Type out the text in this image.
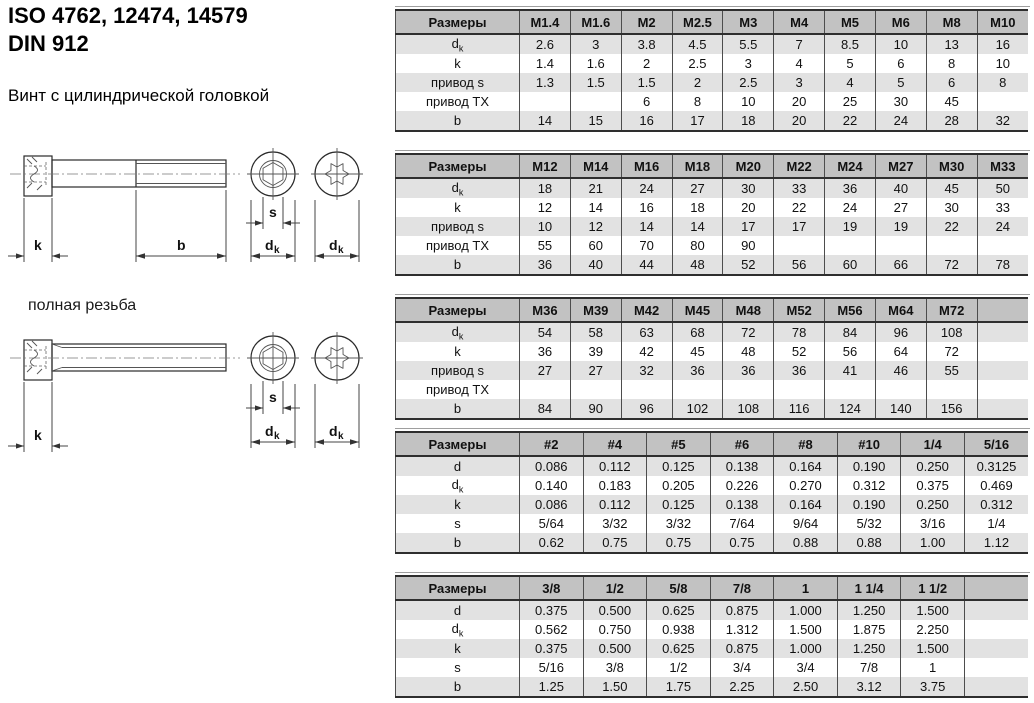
ISO 4762, 12474, 14579
DIN 912
Винт с цилиндрической головкой
k	b
s
d k	d k
полная резьба
k
s
d k	d k
Размеры	M1.4	M1.6	M2	M2.5	M3	M4	M5	M6	M8	M10
$d_k$	2.6	3	3.8	4.5	5.5	7	8.5	10	13	16
k	1.4	1.6	2	2.5	3	4	5	6	8	10
привод s	1.3	1.5	1.5	2	2.5	3	4	5	6	8
привод TX			6	8	10	20	25	30	45	
b	14	15	16	17	18	20	22	24	28	32
Размеры	M12	M14	M16	M18	M20	M22	M24	M27	M30	M33
$d_k$	18	21	24	27	30	33	36	40	45	50
k	12	14	16	18	20	22	24	27	30	33
привод s	10	12	14	14	17	17	19	19	22	24
привод TX	55	60	70	80	90					
b	36	40	44	48	52	56	60	66	72	78
Размеры	M36	M39	M42	M45	M48	M52	M56	M64	M72	
$d_k$	54	58	63	68	72	78	84	96	108	
k	36	39	42	45	48	52	56	64	72	
привод s	27	27	32	36	36	36	41	46	55	
привод TX										
b	84	90	96	102	108	116	124	140	156	
Размеры	#2	#4	#5	#6	#8	#10	1/4	5/16
d	0.086	0.112	0.125	0.138	0.164	0.190	0.250	0.3125
$d_k$	0.140	0.183	0.205	0.226	0.270	0.312	0.375	0.469
k	0.086	0.112	0.125	0.138	0.164	0.190	0.250	0.312
s	5/64	3/32	3/32	7/64	9/64	5/32	3/16	1/4
b	0.62	0.75	0.75	0.75	0.88	0.88	1.00	1.12
Размеры	3/8	1/2	5/8	7/8	1	1 1/4	1 1/2	
d	0.375	0.500	0.625	0.875	1.000	1.250	1.500	
$d_k$	0.562	0.750	0.938	1.312	1.500	1.875	2.250	
k	0.375	0.500	0.625	0.875	1.000	1.250	1.500	
s	5/16	3/8	1/2	3/4	3/4	7/8	1	
b	1.25	1.50	1.75	2.25	2.50	3.12	3.75	
